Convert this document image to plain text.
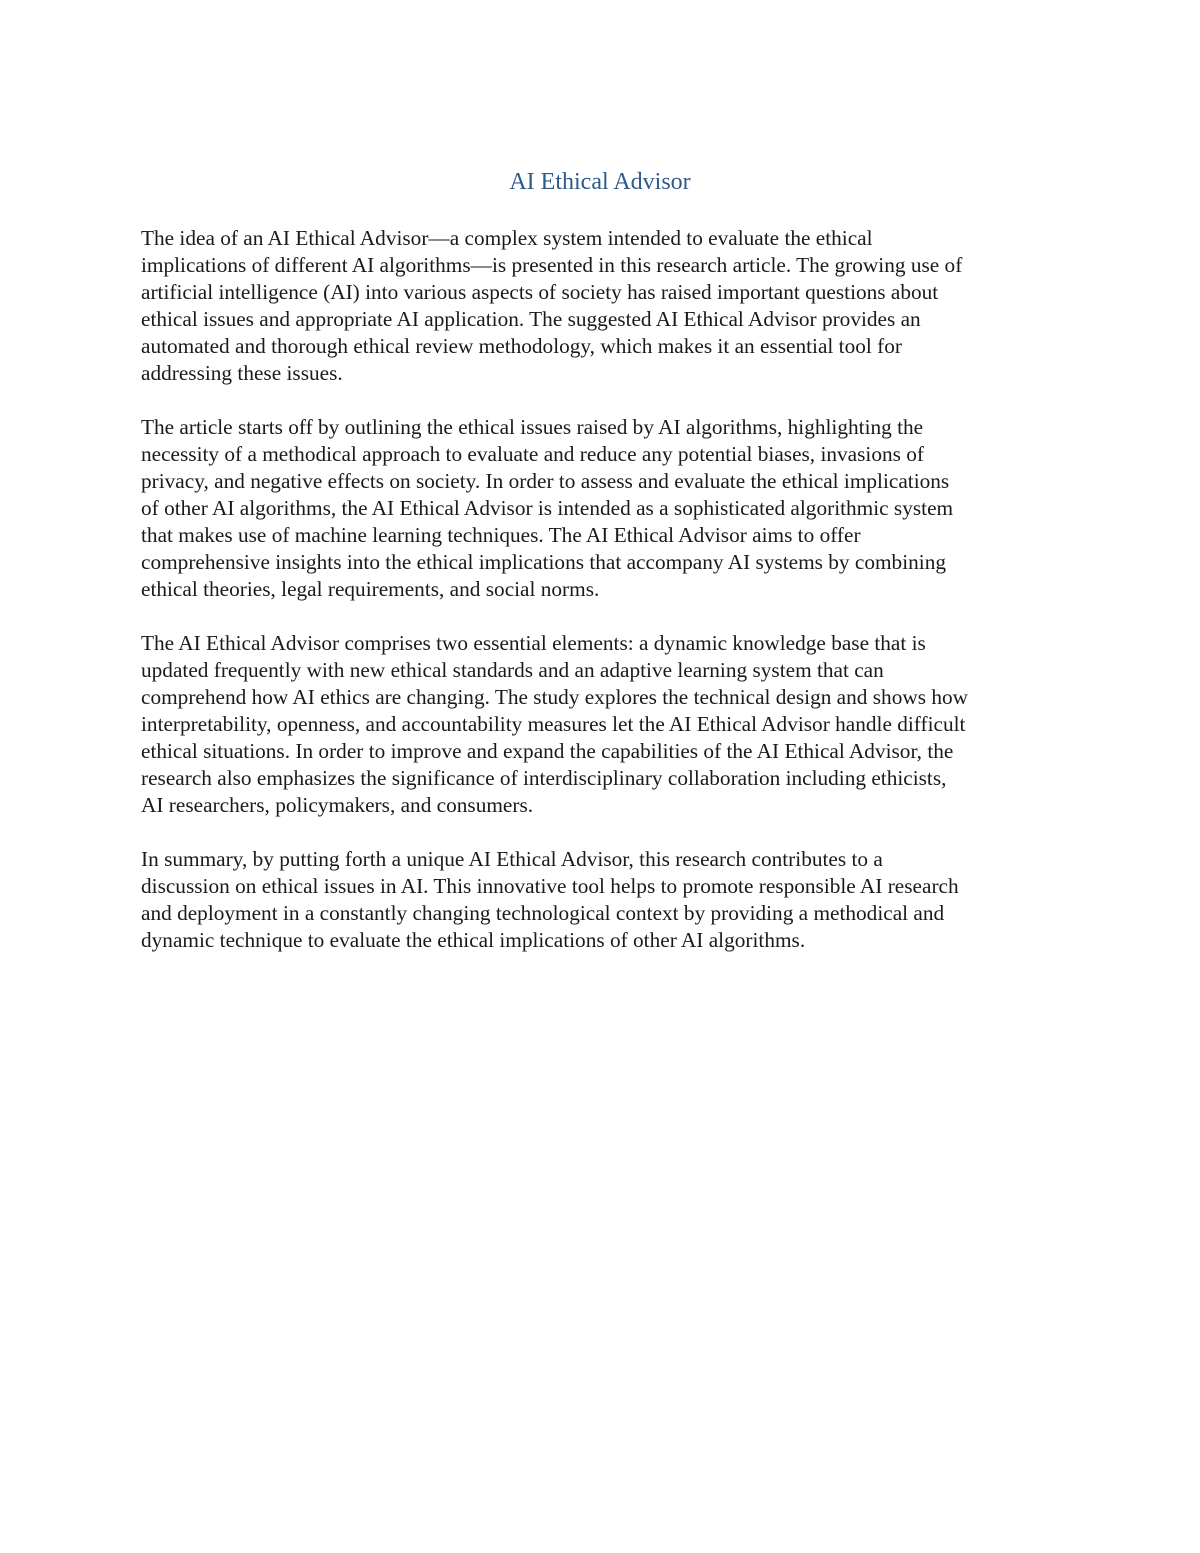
AI Ethical Advisor

The idea of an AI Ethical Advisor—a complex system intended to evaluate the ethical
implications of different AI algorithms—is presented in this research article. The growing use of
artificial intelligence (AI) into various aspects of society has raised important questions about
ethical issues and appropriate AI application. The suggested AI Ethical Advisor provides an
automated and thorough ethical review methodology, which makes it an essential tool for
addressing these issues.

The article starts off by outlining the ethical issues raised by AI algorithms, highlighting the
necessity of a methodical approach to evaluate and reduce any potential biases, invasions of
privacy, and negative effects on society. In order to assess and evaluate the ethical implications
of other AI algorithms, the AI Ethical Advisor is intended as a sophisticated algorithmic system
that makes use of machine learning techniques. The AI Ethical Advisor aims to offer
comprehensive insights into the ethical implications that accompany AI systems by combining
ethical theories, legal requirements, and social norms.

The AI Ethical Advisor comprises two essential elements: a dynamic knowledge base that is
updated frequently with new ethical standards and an adaptive learning system that can
comprehend how AI ethics are changing. The study explores the technical design and shows how
interpretability, openness, and accountability measures let the AI Ethical Advisor handle difficult
ethical situations. In order to improve and expand the capabilities of the AI Ethical Advisor, the
research also emphasizes the significance of interdisciplinary collaboration including ethicists,
AI researchers, policymakers, and consumers.

In summary, by putting forth a unique AI Ethical Advisor, this research contributes to a
discussion on ethical issues in AI. This innovative tool helps to promote responsible AI research
and deployment in a constantly changing technological context by providing a methodical and
dynamic technique to evaluate the ethical implications of other AI algorithms.
